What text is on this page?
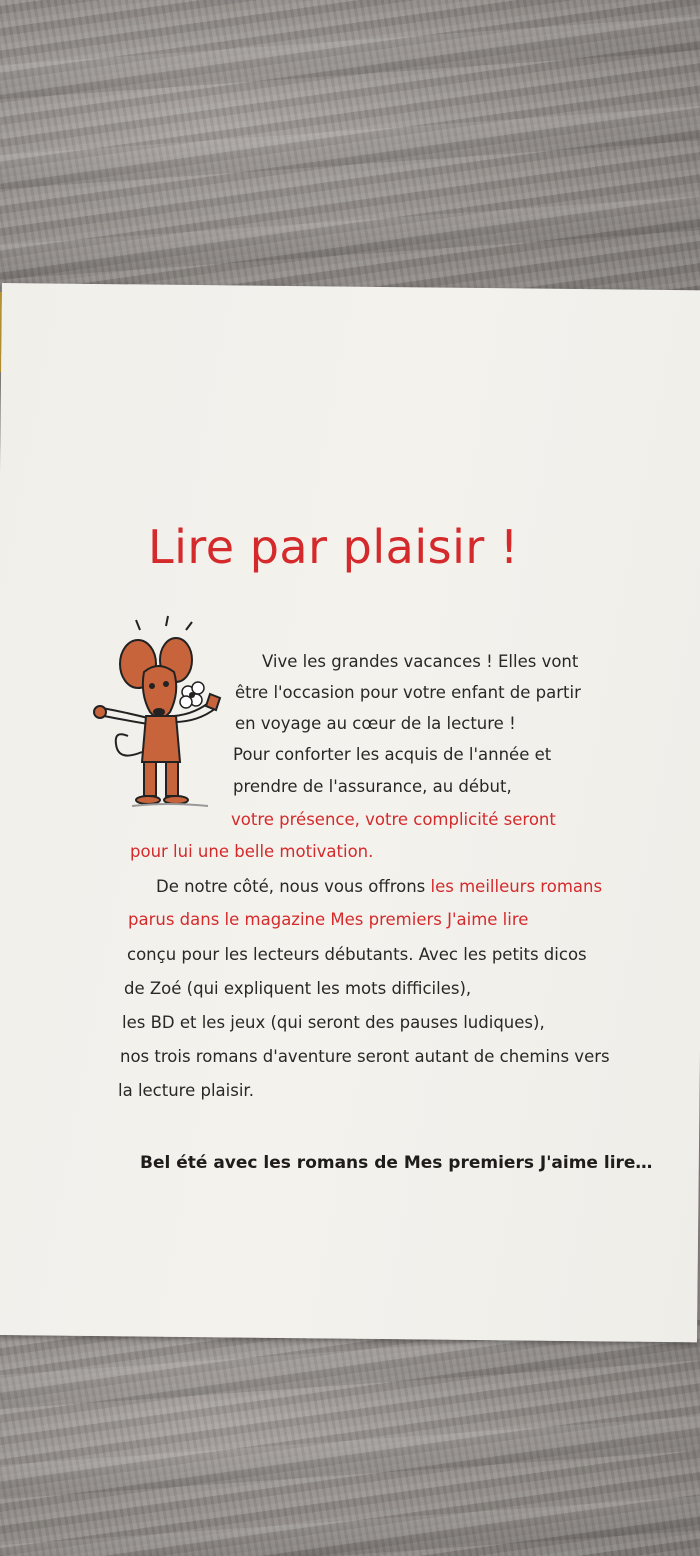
Lire par plaisir !
Vive les grandes vacances ! Elles vont
être l'occasion pour votre enfant de partir
en voyage au cœur de la lecture !
Pour conforter les acquis de l'année et
prendre de l'assurance, au début,
votre présence, votre complicité seront
pour lui une belle motivation.
De notre côté, nous vous offrons les meilleurs romans
parus dans le magazine Mes premiers J'aime lire
conçu pour les lecteurs débutants. Avec les petits dicos
de Zoé (qui expliquent les mots difficiles),
les BD et les jeux (qui seront des pauses ludiques),
nos trois romans d'aventure seront autant de chemins vers
la lecture plaisir.
Bel été avec les romans de Mes premiers J'aime lire…
